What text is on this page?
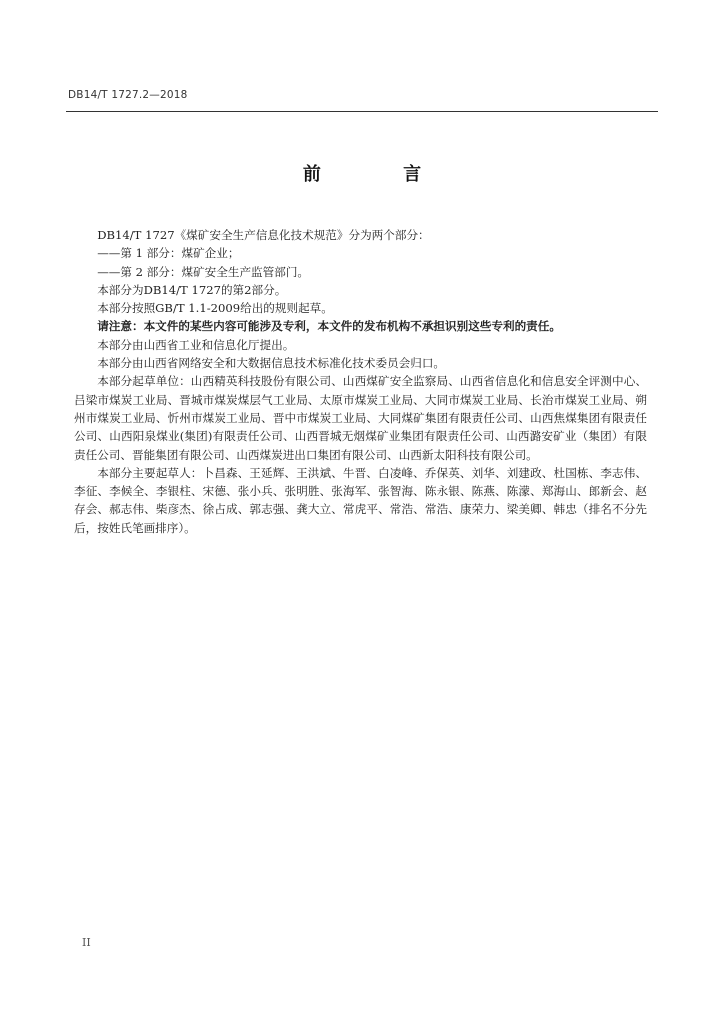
DB14/T 1727.2—2018
前 言

DB14/T 1727《煤矿安全生产信息化技术规范》分为两个部分：

——第 1 部分：煤矿企业；

——第 2 部分：煤矿安全生产监管部门。

本部分为DB14/T 1727的第2部分。

本部分按照GB/T 1.1-2009给出的规则起草。

请注意：本文件的某些内容可能涉及专利，本文件的发布机构不承担识别这些专利的责任。

本部分由山西省工业和信息化厅提出。

本部分由山西省网络安全和大数据信息技术标准化技术委员会归口。

本部分起草单位：山西精英科技股份有限公司、山西煤矿安全监察局、山西省信息化和信息安全评测中心、吕梁市煤炭工业局、晋城市煤炭煤层气工业局、太原市煤炭工业局、大同市煤炭工业局、长治市煤炭工业局、朔州市煤炭工业局、忻州市煤炭工业局、晋中市煤炭工业局、大同煤矿集团有限责任公司、山西焦煤集团有限责任公司、山西阳泉煤业(集团)有限责任公司、山西晋城无烟煤矿业集团有限责任公司、山西潞安矿业（集团）有限责任公司、晋能集团有限公司、山西煤炭进出口集团有限公司、山西新太阳科技有限公司。

本部分主要起草人：卜昌森、王延辉、王洪斌、牛晋、白凌峰、乔保英、刘华、刘建政、杜国栋、李志伟、李征、李候全、李银柱、宋德、张小兵、张明胜、张海军、张智海、陈永银、陈燕、陈濛、郑海山、郎新会、赵存会、郝志伟、柴彦杰、徐占成、郭志强、龚大立、常虎平、常浩、常浩、康荣力、梁美卿、韩忠（排名不分先后，按姓氏笔画排序）。

II
